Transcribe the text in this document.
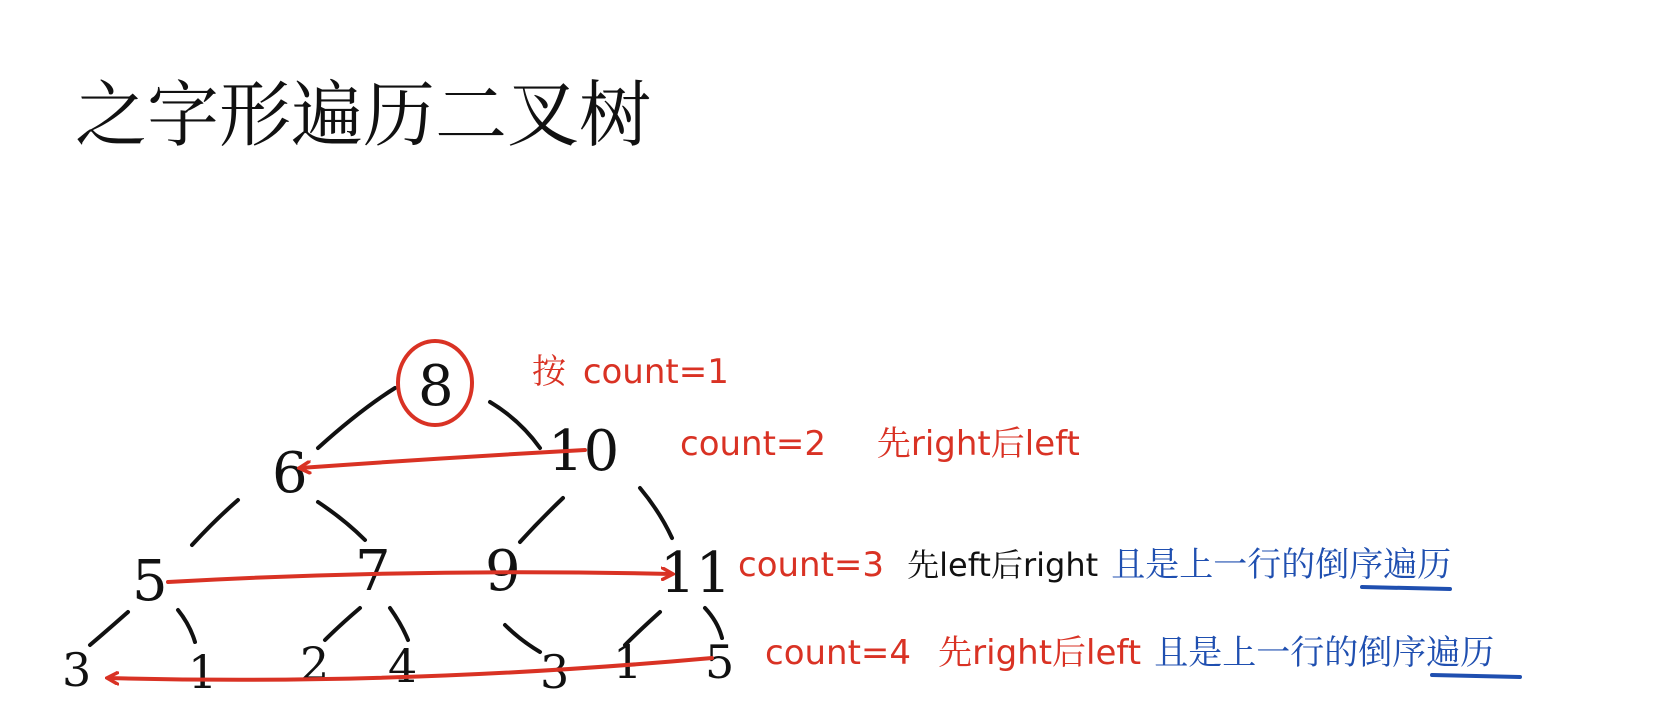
之字形遍历二叉树
8
6	10
5	7 9 11
3 1 2 4	3 1 5
按 count=1
count=2 先right后left
count=3 先left后right 且是上一行的倒序遍历
count=4 先right后left 且是上一行的倒序遍历
